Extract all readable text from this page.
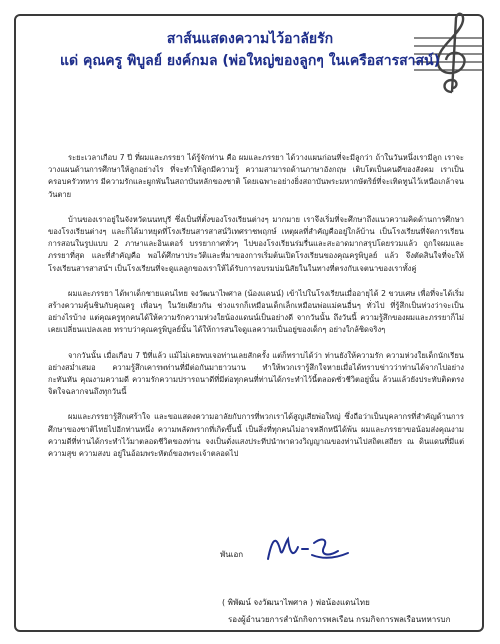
สาส์นแสดงความไว้อาลัยรัก
แด่ คุณครู พิบูลย์ ยงค์กมล (พ่อใหญ่ของลูกๆ ในเครือสารสาสน์)

ระยะเวลาเกือบ 7 ปี ที่ผมและภรรยา ได้รู้จักท่าน คือ ผมและภรรยา ได้วางแผนก่อนที่จะมีลูกว่า ถ้าในวันหนึ่งเรามีลูก เราจะวางแผนด้านการศึกษาให้ลูกอย่างไร ที่จะทำให้ลูกมีความรู้ ความสามารถด้านภาษาอังกฤษ เติบโตเป็นคนดีของสังคม เราเป็นครอบครัวทหาร มีความรักและผูกพันในสถาบันหลักของชาติ โดยเฉพาะอย่างยิ่งสถาบันพระมหากษัตริย์ที่จะเทิดทูนไว้เหนือเกล้าจนวันตาย

บ้านของเราอยู่ในจังหวัดนนทบุรี ซึ่งเป็นที่ตั้งของโรงเรียนต่างๆ มากมาย เราจึงเริ่มที่จะศึกษาถึงแนวความคิดด้านการศึกษาของโรงเรียนต่างๆ และก็ได้มาหยุดที่โรงเรียนสารสาสน์วิเทศราชพฤกษ์ เหตุผลที่สำคัญคืออยู่ใกล้บ้าน เป็นโรงเรียนที่จัดการเรียนการสอนในรูปแบบ 2 ภาษาและอินเตอร์ บรรยากาศทั่วๆ ไปของโรงเรียนร่มรื่นและสะอาดมากสรุปโดยรวมแล้ว ถูกใจผมและภรรยาที่สุด และที่สำคัญคือ พอได้ศึกษาประวัติและที่มาของการเริ่มต้นเปิดโรงเรียนของคุณครูพิบูลย์ แล้ว จึงตัดสินใจที่จะให้โรงเรียนสารสาสน์ฯ เป็นโรงเรียนที่จะดูแลลูกของเราให้ได้รับการอบรมบ่มนิสัยในในทางที่ตรงกับเจตนาของเราทั้งคู่

ผมและภรรยา ได้พาเด็กชายแดนไทย จงวัฒนาไพศาล (น้องแดนน์) เข้าไปในโรงเรียนเมื่ออายุได้ 2 ขวบเศษ เพื่อที่จะได้เริ่มสร้างความคุ้นชินกับคุณครู เพื่อนๆ ในวัยเดียวกัน ช่วงแรกก็เหมือนเด็กเล็กเหมือนพ่อแม่คนอื่นๆ ทั่วไป ที่รู้สึกเป็นห่วงว่าจะเป็นอย่างไรบ้าง แต่คุณครูทุกคนได้ให้ความรักความห่วงใยน้องแดนน์เป็นอย่างดี จากวันนั้น ถึงวันนี้ ความรู้สึกของผมและภรรยาก็ไม่เคยเปลี่ยนแปลงเลย ทราบว่าคุณครูพิบูลย์นั้น ได้ให้การสนใจดูแลความเป็นอยู่ของเด็กๆ อย่างใกล้ชิดจริงๆ

จากวันนั้น เมื่อเกือบ 7 ปีที่แล้ว แม้ไม่เคยพบเจอท่านเลยสักครั้ง แต่ก็ทราบได้ว่า ท่านยังให้ความรัก ความห่วงใยเด็กนักเรียนอย่างสม่ำเสมอ ความรู้สึกเคารพท่านที่มีต่อกันมายาวนาน ทำให้พวกเรารู้สึกใจหายเมื่อได้ทราบข่าวว่าท่านได้จากไปอย่างกะทันหัน คุณงามความดี ความรักความปรารถนาดีที่มีต่อทุกคนที่ท่านได้กระทำไว้นี้ตลอดชั่วชีวิตอยู่นั้น ล้วนแล้วยังประทับติดตรงจิตใจฉลากจนถึงทุกวันนี้

ผมและภรรยารู้สึกเศร้าใจ และขอแสดงความอาลัยกับการที่พวกเราได้สูญเสียพ่อใหญ่ ซึ่งถือว่าเป็นบุคลากรที่สำคัญด้านการศึกษาของชาติไทยไปอีกท่านหนึ่ง ความพลัดพรากที่เกิดขึ้นนี้ เป็นสิ่งที่ทุกคนไม่อาจหลีกหนีได้พ้น ผมและภรรยาขอน้อมส่งคุณงามความดีที่ท่านได้กระทำไว้มาตลอดชีวิตของท่าน จงเป็นดั่งแสงประทีปนำพาดวงวิญญาณของท่านไปสถิตเสถียร ณ ดินแดนที่มีแต่ความสุข ความสงบ อยู่ในอ้อมพระหัตถ์ของพระเจ้าตลอดไป

พันเอก
( พิพัฒน์ จงวัฒนาไพศาล ) พ่อน้องแดนไทย
รองผู้อำนวยการสำนักกิจการพลเรือน กรมกิจการพลเรือนทหารบก
